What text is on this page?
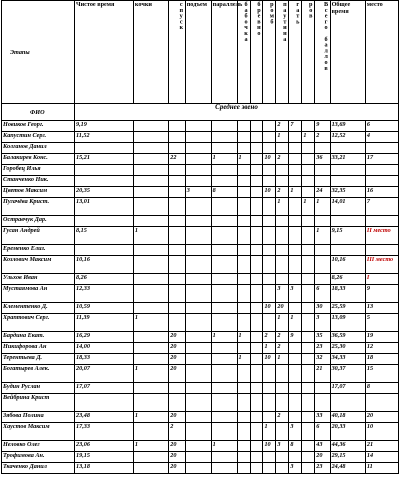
Этапы	Чистое время	кочки	спуск	подъем	параллель	бабочка	бревно	ромб	паутина	гать	ров	Всего баллов	Общее время	место
ФИО	Среднее звено													
Новиков Георг.	9,19								2	7		9	13,69	6
Капустин Серг.	11,52								1		1	2	12,52	4
Колганов Данил														
Балакирев Конс.	15,21		22		1	1		10	2			36	33,21	17
Горобец Илья														
Станченко Ник.														
Цветов Максим	20,35			3	8			10	2	1		24	32,35	16
Пугачёва Крист.	13,01								1		1	1	14,01	7
Остравчук Дар.														
Гусан Андрей	8,15	1										1	9,15	II место
Еременко Елиз.														
Козлович Максим	10,16												10,16	III место
Ульхов Иван	8,26												8,26	I
Мустаямова Ан	12,33								3	3		6	18,33	9
Клементенко Д.	10,59							10	20			30	25,59	13
Храптович Серг.	11,39	1							1	1		3	13,09	5
Бардина Екат.	16,29		20		1	1		2	2	9		35	36,59	19
Никифорова Ан	14,00		20					1	2			23	25,30	12
Терентьева Д.	18,33		20			1		10	1			32	34,33	18
Богатырев Алек.	20,07	1	20									21	30,37	15
Будин Руслан	17,07												17,07	8
Вейбрина Крист														
Зябова Полина	23,48	1	20						2			33	40,18	20
Хаустов Максим	17,33		2					1		3		6	20,33	10
Неловко Олег	23,06	1	20		1			10	3	8		43	44,36	21
Трофимова Ан.	19,15		20									20	29,15	14
Ткаченко Данил	13,18		20							3		23	24,48	11
